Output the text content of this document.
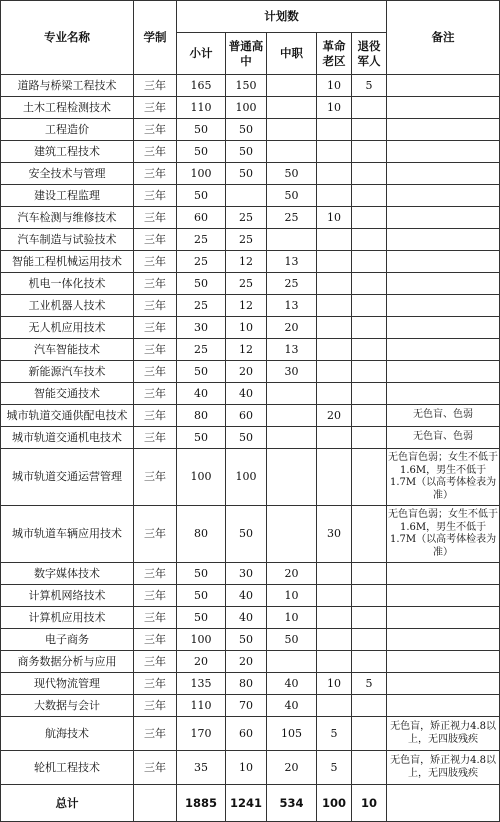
专业名称	学制	计划数					备注
		小计	普通高中	中职	革命老区	退役军人	
道路与桥梁工程技术	三年	165	150		10	5	
土木工程检测技术	三年	110	100		10		
工程造价	三年	50	50				
建筑工程技术	三年	50	50				
安全技术与管理	三年	100	50	50			
建设工程监理	三年	50		50			
汽车检测与维修技术	三年	60	25	25	10		
汽车制造与试验技术	三年	25	25				
智能工程机械运用技术	三年	25	12	13			
机电一体化技术	三年	50	25	25			
工业机器人技术	三年	25	12	13			
无人机应用技术	三年	30	10	20			
汽车智能技术	三年	25	12	13			
新能源汽车技术	三年	50	20	30			
智能交通技术	三年	40	40				
城市轨道交通供配电技术	三年	80	60		20		无色盲、色弱
城市轨道交通机电技术	三年	50	50				无色盲、色弱
城市轨道交通运营管理	三年	100	100				无色盲色弱；女生不低于1.6M，男生不低于1.7M（以高考体检表为准）
城市轨道车辆应用技术	三年	80	50		30		无色盲色弱；女生不低于1.6M，男生不低于1.7M（以高考体检表为准）
数字媒体技术	三年	50	30	20			
计算机网络技术	三年	50	40	10			
计算机应用技术	三年	50	40	10			
电子商务	三年	100	50	50			
商务数据分析与应用	三年	20	20				
现代物流管理	三年	135	80	40	10	5	
大数据与会计	三年	110	70	40			
航海技术	三年	170	60	105	5		无色盲，矫正视力4.8以上，无四肢残疾
轮机工程技术	三年	35	10	20	5		无色盲，矫正视力4.8以上，无四肢残疾
总计		1885	1241	534	100	10	
